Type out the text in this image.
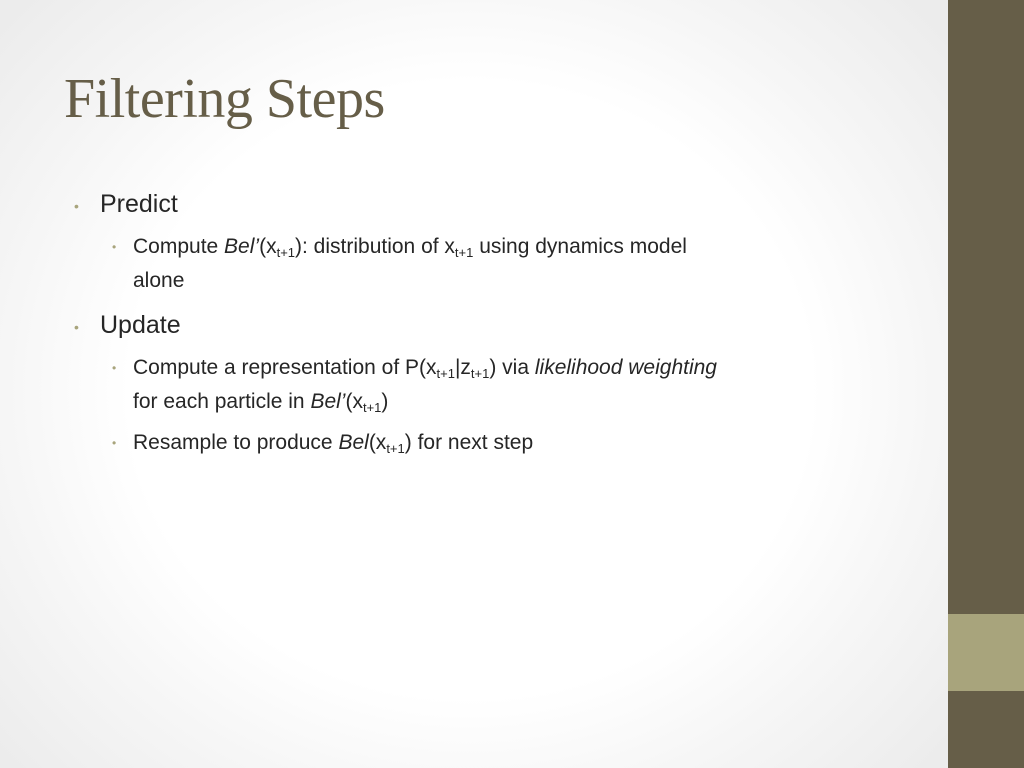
Filtering Steps
• Predict
• Compute $Bel’(x_{t+1})$: distribution of $x_{t+1}$ using dynamics model
alone
• Update
• Compute a representation of $P(x_{t+1}|z_{t+1})$ via likelihood weighting
for each particle in $Bel’(x_{t+1})$
• Resample to produce $Bel(x_{t+1})$ for next step
